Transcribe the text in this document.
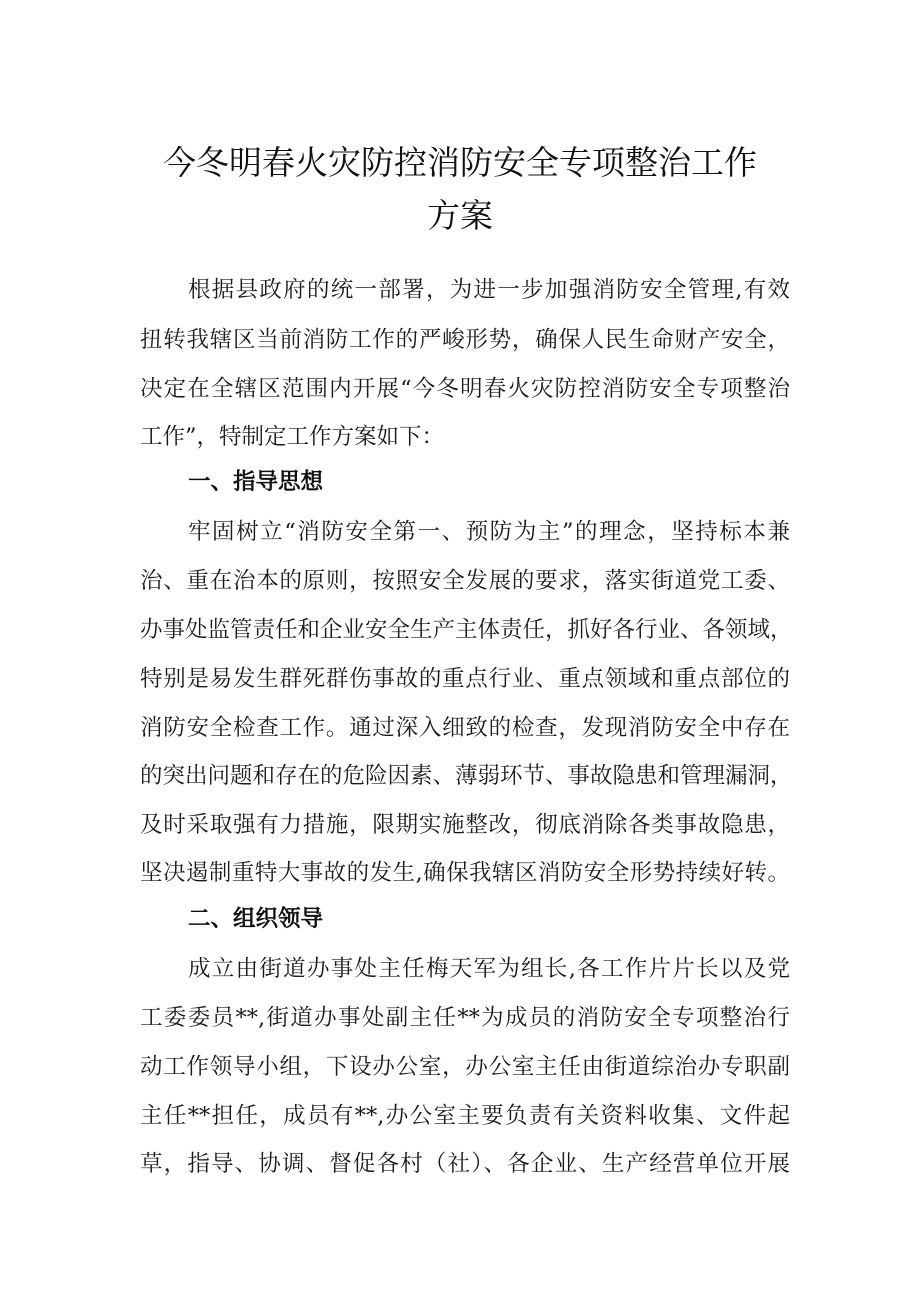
今冬明春火灾防控消防安全专项整治工作
方案
根据县政府的统一部署，为进一步加强消防安全管理,有效
扭转我辖区当前消防工作的严峻形势，确保人民生命财产安全，
决定在全辖区范围内开展“今冬明春火灾防控消防安全专项整治
工作”，特制定工作方案如下：
一、指导思想
牢固树立“消防安全第一、预防为主”的理念，坚持标本兼
治、重在治本的原则，按照安全发展的要求，落实街道党工委、
办事处监管责任和企业安全生产主体责任，抓好各行业、各领域，
特别是易发生群死群伤事故的重点行业、重点领域和重点部位的
消防安全检查工作。通过深入细致的检查，发现消防安全中存在
的突出问题和存在的危险因素、薄弱环节、事故隐患和管理漏洞，
及时采取强有力措施，限期实施整改，彻底消除各类事故隐患，
坚决遏制重特大事故的发生,确保我辖区消防安全形势持续好转。
二、组织领导
成立由街道办事处主任梅天军为组长,各工作片片长以及党
工委委员**,街道办事处副主任**为成员的消防安全专项整治行
动工作领导小组，下设办公室，办公室主任由街道综治办专职副
主任**担任，成员有**,办公室主要负责有关资料收集、文件起
草，指导、协调、督促各村（社）、各企业、生产经营单位开展
